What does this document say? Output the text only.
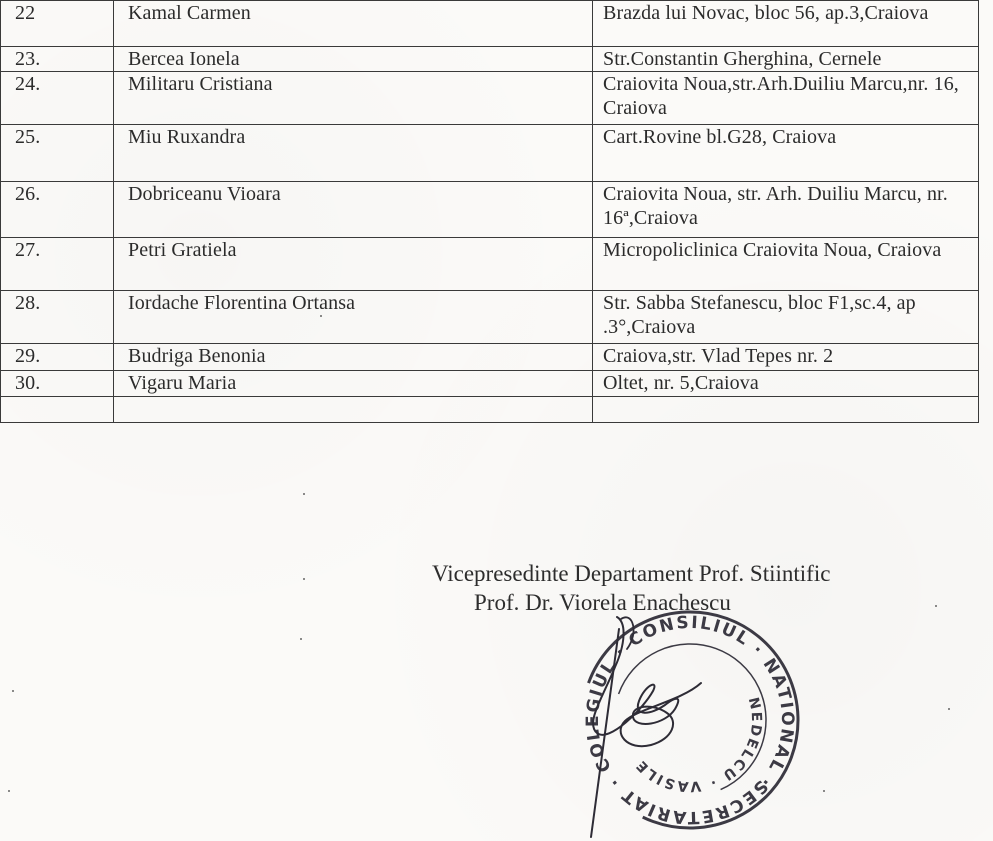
22	Kamal Carmen	Brazda lui Novac, bloc 56, ap.3,Craiova
23.	Bercea Ionela	Str.Constantin Gherghina, Cernele
24.	Militaru Cristiana	Craiovita Noua,str.Arh.Duiliu Marcu,nr. 16, Craiova
25.	Miu Ruxandra	Cart.Rovine bl.G28, Craiova
26.	Dobriceanu Vioara	Craiovita Noua, str. Arh. Duiliu Marcu, nr. 16ª,Craiova
27.	Petri Gratiela	Micropoliclinica Craiovita Noua, Craiova
28.	Iordache Florentina Ortansa	Str. Sabba Stefanescu, bloc F1,sc.4, ap .3°,Craiova
29.	Budriga Benonia	Craiova,str. Vlad Tepes nr. 2
30.	Vigaru Maria	Oltet, nr. 5,Craiova

Vicepresedinte Departament Prof. Stiintific
Prof. Dr. Viorela Enachescu
SECRETARIAT · COLEGIUL · CONSILIUL · NATIONAL ·
NEDELCU · VASILE
